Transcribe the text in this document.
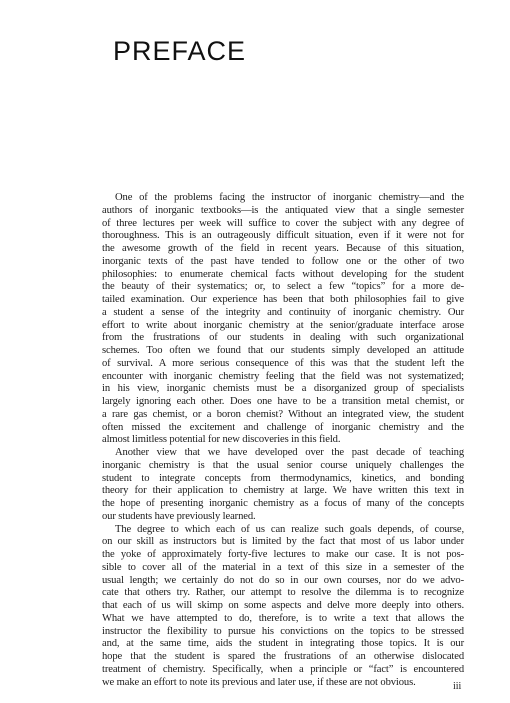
PREFACE
One of the problems facing the instructor of inorganic chemistry—and the
authors of inorganic textbooks—is the antiquated view that a single semester
of three lectures per week will suffice to cover the subject with any degree of
thoroughness. This is an outrageously difficult situation, even if it were not for
the awesome growth of the field in recent years. Because of this situation,
inorganic texts of the past have tended to follow one or the other of two
philosophies: to enumerate chemical facts without developing for the student
the beauty of their systematics; or, to select a few “topics” for a more de-
tailed examination. Our experience has been that both philosophies fail to give
a student a sense of the integrity and continuity of inorganic chemistry. Our
effort to write about inorganic chemistry at the senior/graduate interface arose
from the frustrations of our students in dealing with such organizational
schemes. Too often we found that our students simply developed an attitude
of survival. A more serious consequence of this was that the student left the
encounter with inorganic chemistry feeling that the field was not systematized;
in his view, inorganic chemists must be a disorganized group of specialists
largely ignoring each other. Does one have to be a transition metal chemist, or
a rare gas chemist, or a boron chemist? Without an integrated view, the student
often missed the excitement and challenge of inorganic chemistry and the
almost limitless potential for new discoveries in this field.
Another view that we have developed over the past decade of teaching
inorganic chemistry is that the usual senior course uniquely challenges the
student to integrate concepts from thermodynamics, kinetics, and bonding
theory for their application to chemistry at large. We have written this text in
the hope of presenting inorganic chemistry as a focus of many of the concepts
our students have previously learned.
The degree to which each of us can realize such goals depends, of course,
on our skill as instructors but is limited by the fact that most of us labor under
the yoke of approximately forty-five lectures to make our case. It is not pos-
sible to cover all of the material in a text of this size in a semester of the
usual length; we certainly do not do so in our own courses, nor do we advo-
cate that others try. Rather, our attempt to resolve the dilemma is to recognize
that each of us will skimp on some aspects and delve more deeply into others.
What we have attempted to do, therefore, is to write a text that allows the
instructor the flexibility to pursue his convictions on the topics to be stressed
and, at the same time, aids the student in integrating those topics. It is our
hope that the student is spared the frustrations of an otherwise dislocated
treatment of chemistry. Specifically, when a principle or “fact” is encountered
we make an effort to note its previous and later use, if these are not obvious.	iii
